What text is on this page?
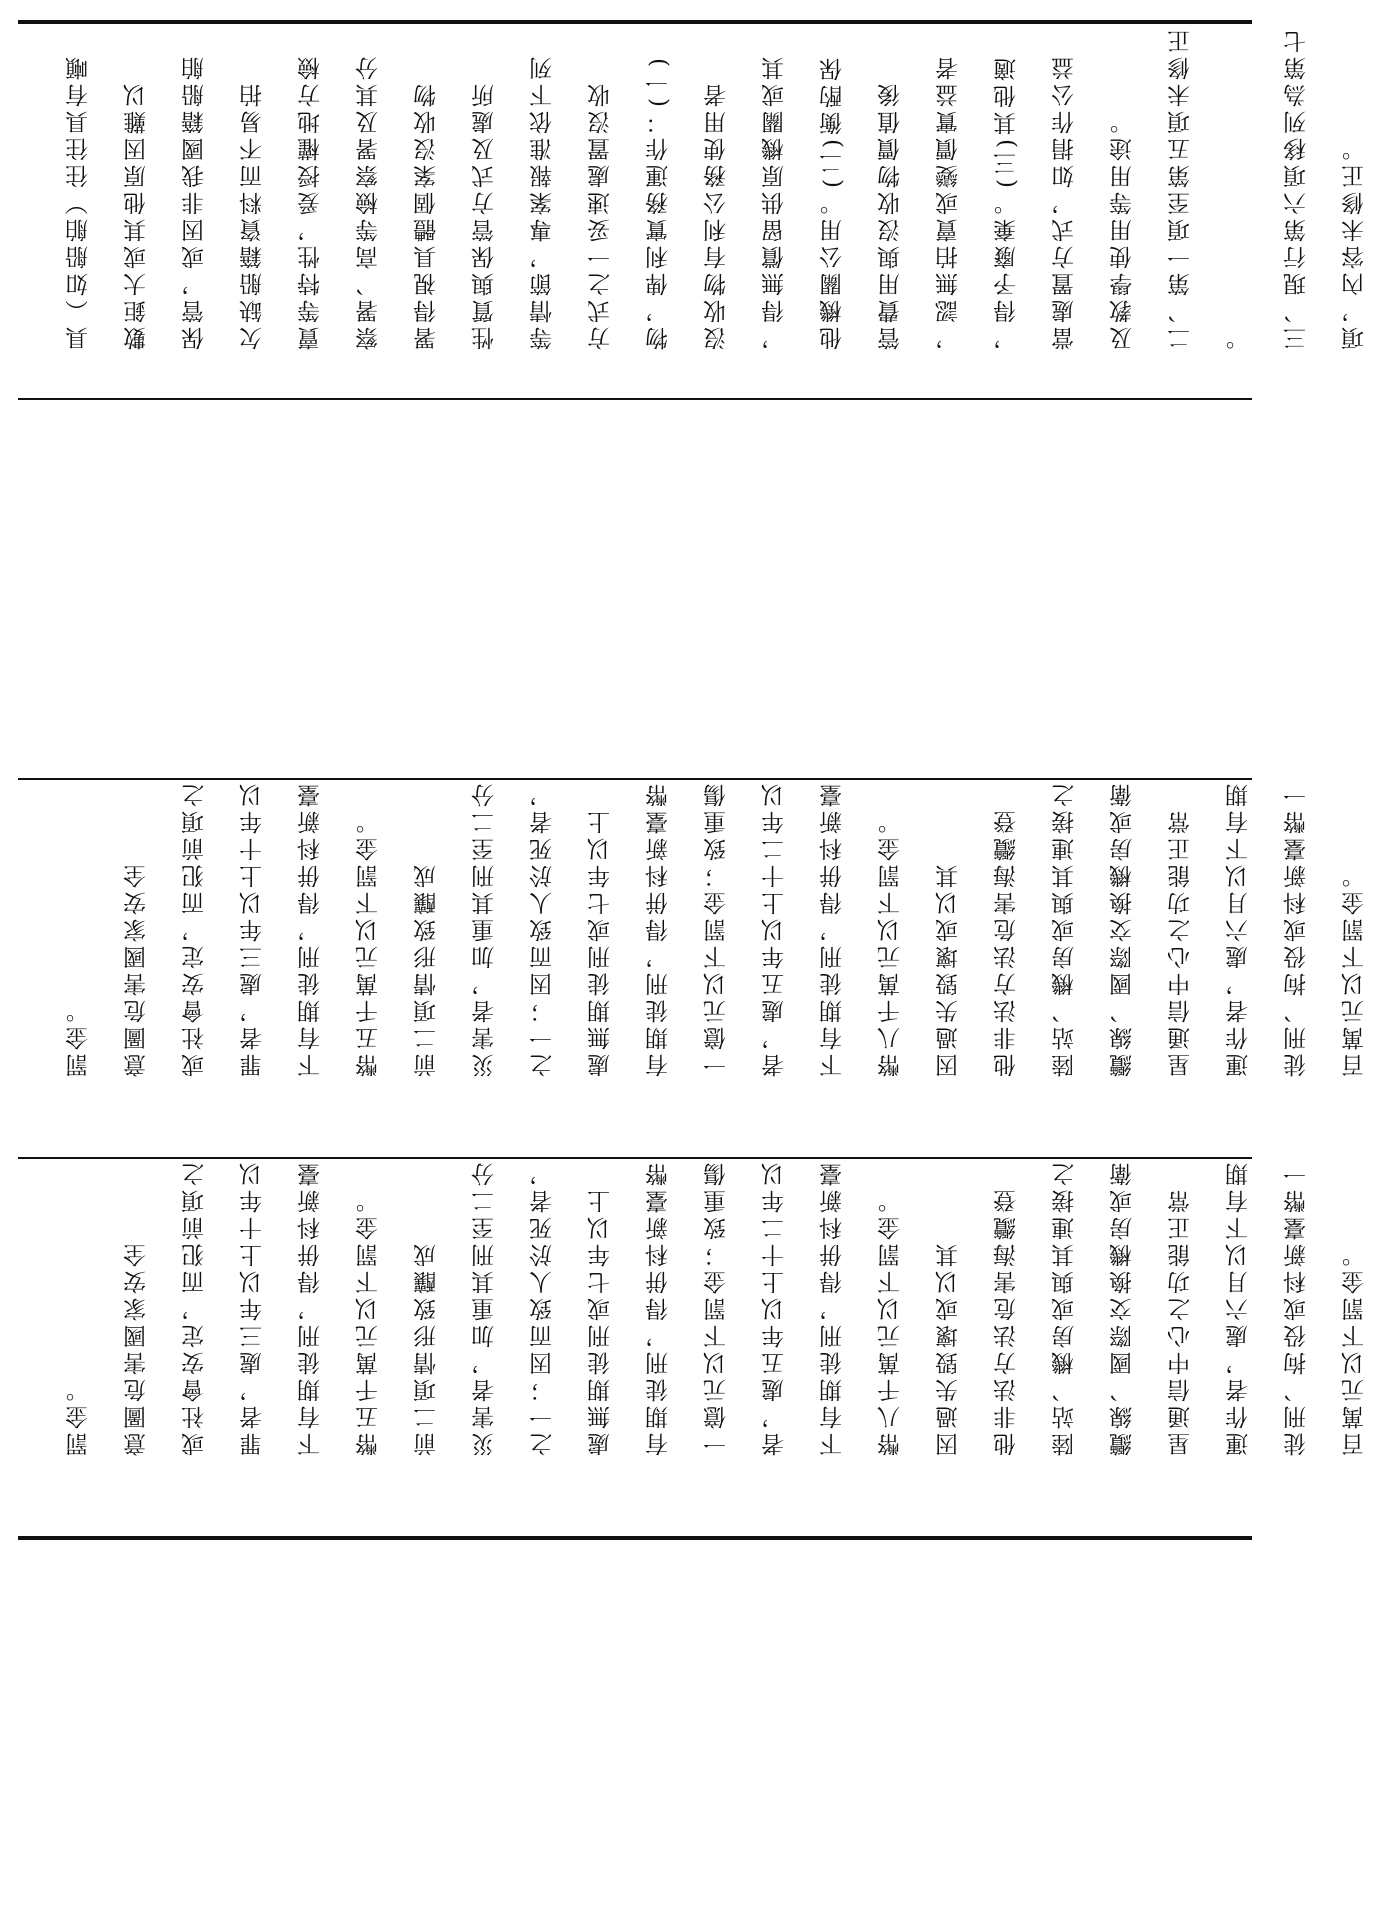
具（如船舶）往往具有噸	數鉅大或其他原因難以	保管，或因非我國籍船舶	欠缺船籍資料而不易拍	賣等特性，爰授權地方檢	察署、高等檢察署及其分	署得視具體個案沒收物	性質與保管方式及處所	等情節，專案報准依下列	方式之一妥速處置沒收	物，俾利實務運作：(一)	沒收物有利公務使用者	，得無償留供原機關或其	他機關公用。(二)衡酌保	管費用與沒收物價值後	，認無拍賣或變價實益者	，得予廢棄。(三)其他適	當處置方式，如捐作公益	及教學使用等用途。	二、第一項至第五項未修正	。	三、現行第六項移列為第七	項，內容未修正。
罰金。	意圖危害國家安全	或社會安定，而犯前項之	罪者，處三年以上十年以	下有期徒刑，得併科新臺	幣五千萬元以下罰金。	前二項情形致釀成	災害者，加重其刑至二分	之一；因而致人於死者，	處無期徒刑或七年以上	有期徒刑，得併科新臺幣	一億元以下罰金；致重傷	者，處五年以上十二年以	下有期徒刑，得併科新臺	幣八千萬元以下罰金。	因過失毀壞或以其	他非法方法危害海纜登	陸站、機房或與其連接之	纜線、國際交換機房或衛	星通信中心之功能正常	運作者，處六月以下有期	徒刑、拘役或科新臺幣一	百萬元以下罰金。
罰金。	意圖危害國家安全	或社會安定，而犯前項之	罪者，處三年以上十年以	下有期徒刑，得併科新臺	幣五千萬元以下罰金。	前二項情形致釀成	災害者，加重其刑至二分	之一；因而致人於死者，	處無期徒刑或七年以上	有期徒刑，得併科新臺幣	一億元以下罰金；致重傷	者，處五年以上十二年以	下有期徒刑，得併科新臺	幣八千萬元以下罰金。	因過失毀壞或以其	他非法方法危害海纜登	陸站、機房或與其連接之	纜線、國際交換機房或衛	星通信中心之功能正常	運作者，處六月以下有期	徒刑、拘役或科新臺幣一	百萬元以下罰金。
